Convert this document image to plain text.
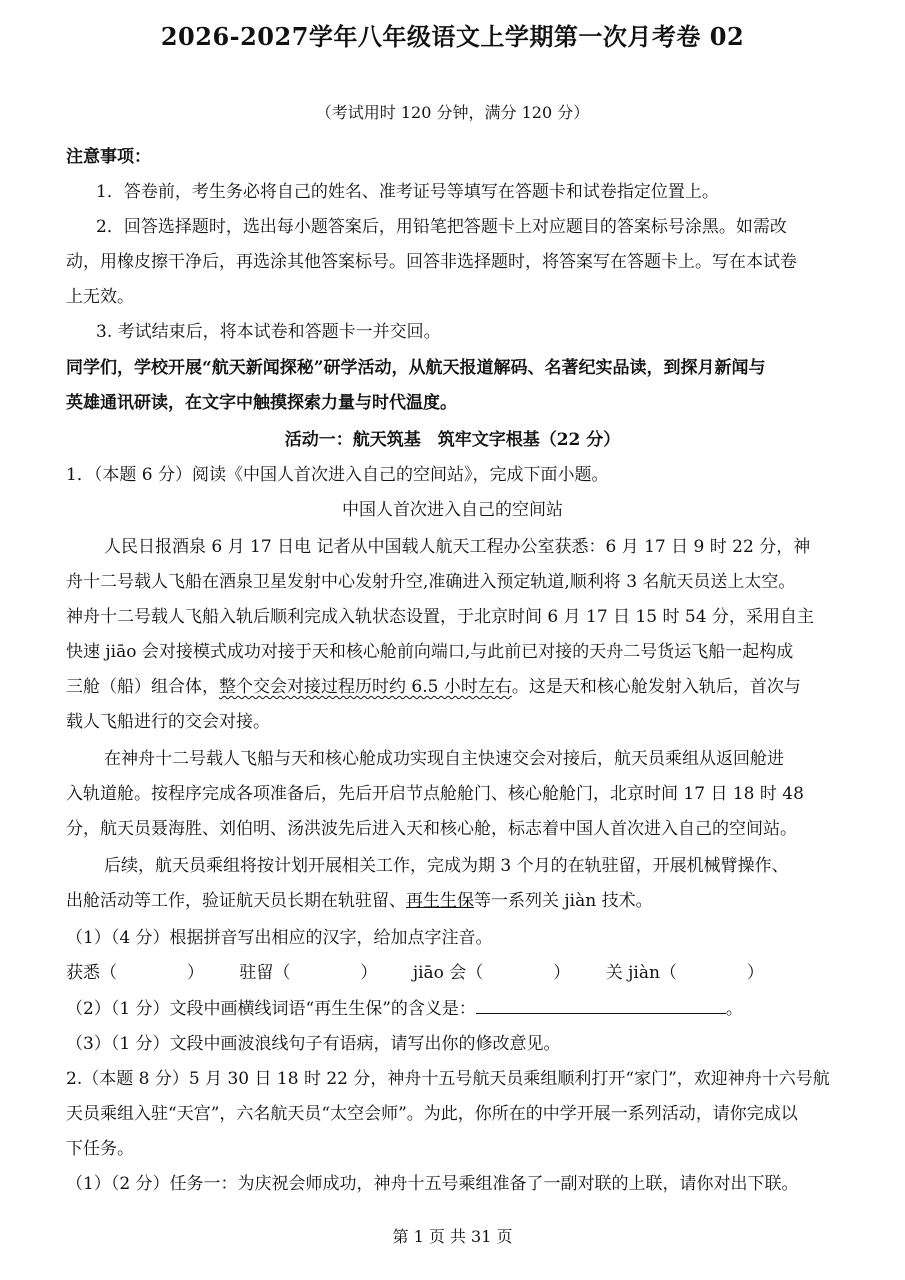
2026-2027学年八年级语文上学期第一次月考卷 02
（考试用时 120 分钟，满分 120 分）
注意事项：
1．答卷前，考生务必将自己的姓名、准考证号等填写在答题卡和试卷指定位置上。
2．回答选择题时，选出每小题答案后，用铅笔把答题卡上对应题目的答案标号涂黑。如需改
动，用橡皮擦干净后，再选涂其他答案标号。回答非选择题时，将答案写在答题卡上。写在本试卷
上无效。
3. 考试结束后，将本试卷和答题卡一并交回。
同学们，学校开展“航天新闻探秘”研学活动，从航天报道解码、名著纪实品读，到探月新闻与
英雄通讯研读，在文字中触摸探索力量与时代温度。
活动一：航天筑基　筑牢文字根基（22 分）
1．（本题 6 分）阅读《中国人首次进入自己的空间站》，完成下面小题。
中国人首次进入自己的空间站
人民日报酒泉 6 月 17 日电 记者从中国载人航天工程办公室获悉：6 月 17 日 9 时 22 分，神
舟十二号载人飞船在酒泉卫星发射中心发射升空,准确进入预定轨道,顺利将 3 名航天员送上太空。
神舟十二号载人飞船入轨后顺利完成入轨状态设置，于北京时间 6 月 17 日 15 时 54 分，采用自主
快速 jiāo 会对接模式成功对接于天和核心舱前向端口,与此前已对接的天舟二号货运飞船一起构成
三舱（船）组合体，整个交会对接过程历时约 6.5 小时左右。这是天和核心舱发射入轨后，首次与
载人飞船进行的交会对接。
在神舟十二号载人飞船与天和核心舱成功实现自主快速交会对接后，航天员乘组从返回舱进
入轨道舱。按程序完成各项准备后，先后开启节点舱舱门、核心舱舱门，北京时间 17 日 18 时 48
分，航天员聂海胜、刘伯明、汤洪波先后进入天和核心舱，标志着中国人首次进入自己的空间站。
后续，航天员乘组将按计划开展相关工作，完成为期 3 个月的在轨驻留，开展机械臂操作、
出舱活动等工作，验证航天员长期在轨驻留、再生生保等一系列关 jiàn 技术。
（1）（4 分）根据拼音写出相应的汉字，给加点字注音。
获悉（	） 驻留（	） jiāo 会（	） 关 jiàn（	）
（2）（1 分）文段中画横线词语“再生生保”的含义是：	。
（3）（1 分）文段中画波浪线句子有语病，请写出你的修改意见。
2.（本题 8 分）5 月 30 日 18 时 22 分，神舟十五号航天员乘组顺利打开“家门”，欢迎神舟十六号航
天员乘组入驻“天宫”，六名航天员“太空会师”。为此，你所在的中学开展一系列活动，请你完成以
下任务。
（1）（2 分）任务一：为庆祝会师成功，神舟十五号乘组准备了一副对联的上联，请你对出下联。
第 1 页 共 31 页
